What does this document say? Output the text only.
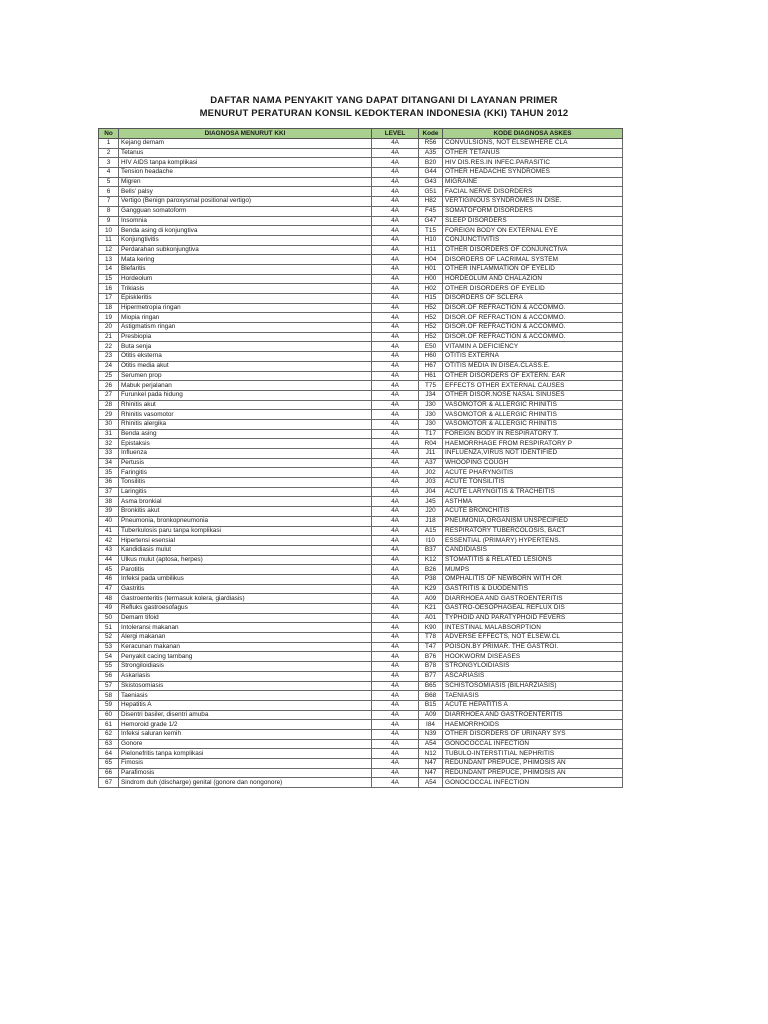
DAFTAR NAMA PENYAKIT YANG DAPAT DITANGANI DI LAYANAN PRIMER
MENURUT PERATURAN KONSIL KEDOKTERAN INDONESIA (KKI) TAHUN 2012
No	DIAGNOSA MENURUT KKI	LEVEL	Kode	KODE DIAGNOSA ASKES
1	Kejang demam	4A	R56	CONVULSIONS, NOT ELSEWHERE CLA
2	Tetanus	4A	A35	OTHER TETANUS
3	HIV AIDS tanpa komplikasi	4A	B20	HIV DIS.RES.IN INFEC.PARASITIC
4	Tension headache	4A	G44	OTHER HEADACHE SYNDROMES
5	Migren	4A	G43	MIGRAINE
6	Bells' palsy	4A	G51	FACIAL NERVE DISORDERS
7	Vertigo (Benign paroxysmal positional vertigo)	4A	H82	VERTIGINOUS SYNDROMES IN DISE.
8	Gangguan somatoform	4A	F45	SOMATOFORM DISORDERS
9	Insomnia	4A	G47	SLEEP DISORDERS
10	Benda asing di konjungtiva	4A	T15	FOREIGN BODY ON EXTERNAL EYE
11	Konjungtivitis	4A	H10	CONJUNCTIVITIS
12	Perdarahan subkonjungtiva	4A	H11	OTHER DISORDERS OF CONJUNCTIVA
13	Mata kering	4A	H04	DISORDERS OF LACRIMAL SYSTEM
14	Blefaritis	4A	H01	OTHER INFLAMMATION OF EYELID
15	Hordeolum	4A	H00	HORDEOLUM AND CHALAZION
16	Trikiasis	4A	H02	OTHER DISORDERS OF EYELID
17	Episkleritis	4A	H15	DISORDERS OF SCLERA
18	Hipermetropia ringan	4A	H52	DISOR.OF REFRACTION & ACCOMMO.
19	Miopia ringan	4A	H52	DISOR.OF REFRACTION & ACCOMMO.
20	Astigmatism ringan	4A	H52	DISOR.OF REFRACTION & ACCOMMO.
21	Presbiopia	4A	H52	DISOR.OF REFRACTION & ACCOMMO.
22	Buta senja	4A	E50	VITAMIN A DEFICIENCY
23	Otitis eksterna	4A	H60	OTITIS EXTERNA
24	Otitis media akut	4A	H67	OTITIS MEDIA IN DISEA.CLASS.E.
25	Serumen prop	4A	H61	OTHER DISORDERS OF EXTERN. EAR
26	Mabuk perjalanan	4A	T75	EFFECTS OTHER EXTERNAL CAUSES
27	Furunkel pada hidung	4A	J34	OTHER DISOR.NOSE NASAL SINUSES
28	Rhinitis akut	4A	J30	VASOMOTOR & ALLERGIC RHINITIS
29	Rhinitis vasomotor	4A	J30	VASOMOTOR & ALLERGIC RHINITIS
30	Rhinitis alergika	4A	J30	VASOMOTOR & ALLERGIC RHINITIS
31	Benda asing	4A	T17	FOREIGN BODY IN RESPIRATORY T.
32	Epistaksis	4A	R04	HAEMORRHAGE FROM RESPIRATORY P
33	Influenza	4A	J11	INFLUENZA,VIRUS NOT IDENTIFIED
34	Pertusis	4A	A37	WHOOPING COUGH
35	Faringitis	4A	J02	ACUTE PHARYNGITIS
36	Tonsilitis	4A	J03	ACUTE TONSILITIS
37	Laringitis	4A	J04	ACUTE LARYNGITIS & TRACHEITIS
38	Asma bronkial	4A	J45	ASTHMA
39	Bronkitis akut	4A	J20	ACUTE BRONCHITIS
40	Pneumonia, bronkopneumonia	4A	J18	PNEUMONIA,ORGANISM UNSPECIFIED
41	Tuberkulosis paru tanpa komplikasi	4A	A15	RESPIRATORY TUBERCOLOSIS, BACT
42	Hipertensi esensial	4A	I10	ESSENTIAL (PRIMARY) HYPERTENS.
43	Kandidiasis mulut	4A	B37	CANDIDIASIS
44	Ulkus mulut (aptosa, herpes)	4A	K12	STOMATITIS & RELATED LESIONS
45	Parotitis	4A	B26	MUMPS
46	Infeksi pada umbilikus	4A	P38	OMPHALITIS OF NEWBORN WITH OR
47	Gastritis	4A	K29	GASTRITIS & DUODENITIS
48	Gastroenteritis (termasuk kolera, giardiasis)	4A	A09	DIARRHOEA AND GASTROENTERITIS
49	Refluks gastroesofagus	4A	K21	GASTRO-OESOPHAGEAL REFLUX DIS
50	Demam tifoid	4A	A01	TYPHOID AND PARATYPHOID FEVERS
51	Intoleransi makanan	4A	K90	INTESTINAL MALABSORPTION
52	Alergi makanan	4A	T78	ADVERSE EFFECTS, NOT ELSEW.CL
53	Keracunan makanan	4A	T47	POISON.BY PRIMAR. THE GASTROI.
54	Penyakit cacing tambang	4A	B76	HOOKWORM DISEASES
55	Strongiloidiasis	4A	B78	STRONGYLOIDIASIS
56	Askariasis	4A	B77	ASCARIASIS
57	Skistosomiasis	4A	B65	SCHISTOSOMIASIS (BILHARZIASIS)
58	Taeniasis	4A	B68	TAENIASIS
59	Hepatitis A	4A	B15	ACUTE HEPATITIS A
60	Disentri basiler, disentri amuba	4A	A09	DIARRHOEA AND GASTROENTERITIS
61	Hemoroid grade 1/2	4A	I84	HAEMORRHOIDS
62	Infeksi saluran kemih	4A	N39	OTHER DISORDERS OF URINARY SYS
63	Gonore	4A	A54	GONOCOCCAL INFECTION
64	Pielonefritis tanpa komplikasi	4A	N12	TUBULO-INTERSTITIAL NEPHRITIS
65	Fimosis	4A	N47	REDUNDANT PREPUCE, PHIMOSIS AN
66	Parafimosis	4A	N47	REDUNDANT PREPUCE, PHIMOSIS AN
67	Sindrom duh (discharge) genital (gonore dan nongonore)	4A	A54	GONOCOCCAL INFECTION
